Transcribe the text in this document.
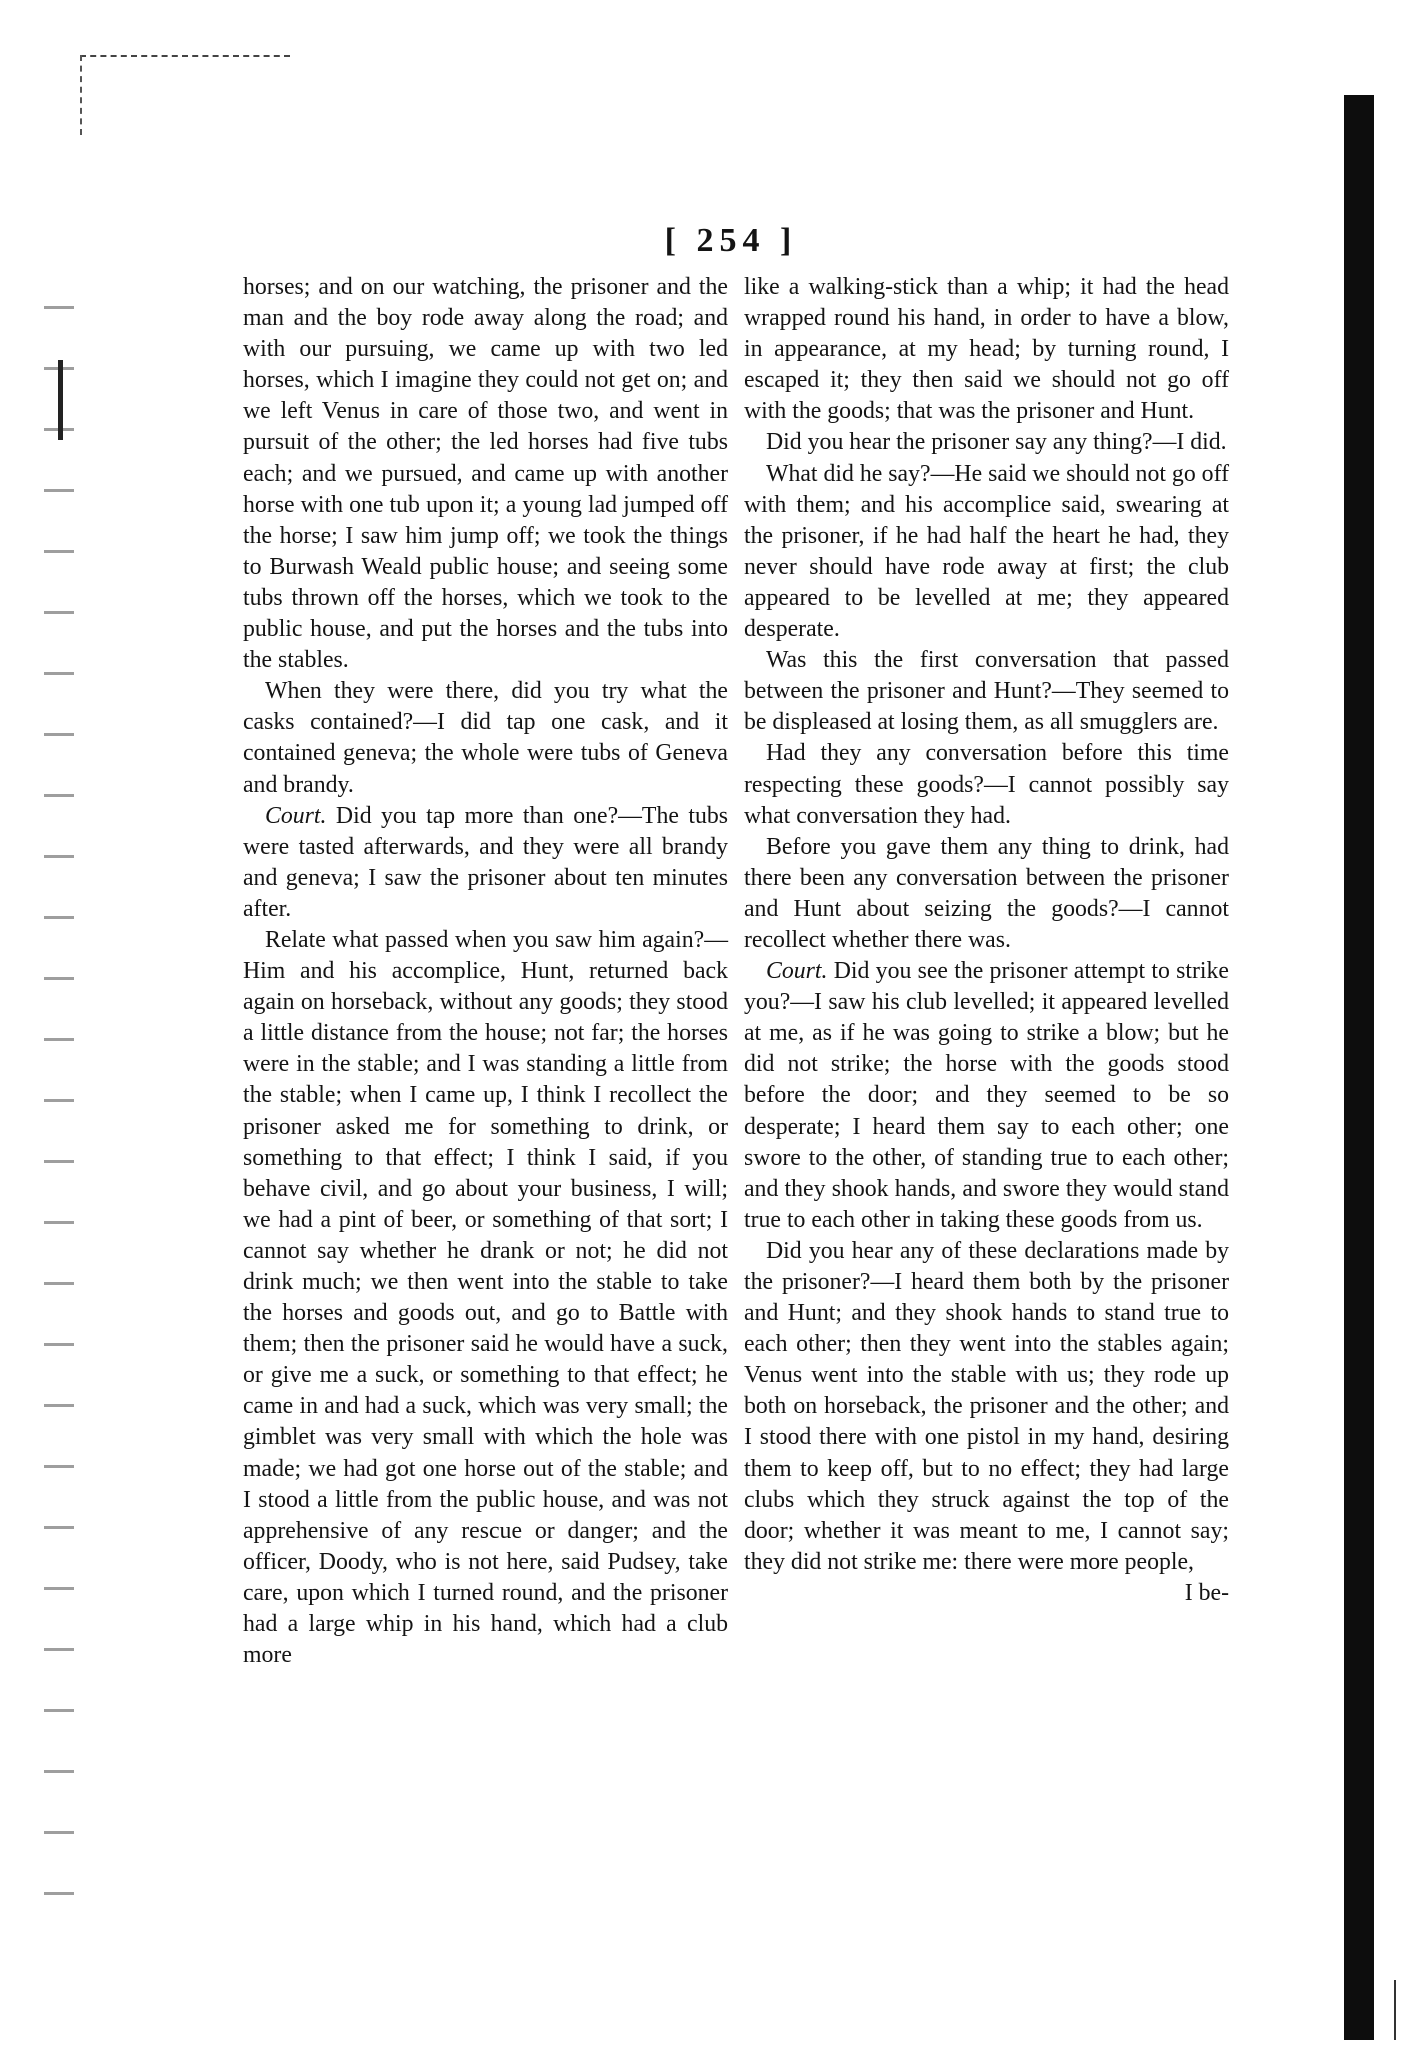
[ 254 ]

horses; and on our watching, the prisoner and the man and the boy rode away along the road; and with our pursuing, we came up with two led horses, which I imagine they could not get on; and we left Venus in care of those two, and went in pursuit of the other; the led horses had five tubs each; and we pursued, and came up with another horse with one tub upon it; a young lad jumped off the horse; I saw him jump off; we took the things to Burwash Weald public house; and seeing some tubs thrown off the horses, which we took to the public house, and put the horses and the tubs into the stables.

When they were there, did you try what the casks contained?—I did tap one cask, and it contained geneva; the whole were tubs of Geneva and brandy.

Court. Did you tap more than one?—The tubs were tasted afterwards, and they were all brandy and geneva; I saw the prisoner about ten minutes after.

Relate what passed when you saw him again?—Him and his accomplice, Hunt, returned back again on horseback, without any goods; they stood a little distance from the house; not far; the horses were in the stable; and I was standing a little from the stable; when I came up, I think I recollect the prisoner asked me for something to drink, or something to that effect; I think I said, if you behave civil, and go about your business, I will; we had a pint of beer, or something of that sort; I cannot say whether he drank or not; he did not drink much; we then went into the stable to take the horses and goods out, and go to Battle with them; then the prisoner said he would have a suck, or give me a suck, or something to that effect; he came in and had a suck, which was very small; the gimblet was very small with which the hole was made; we had got one horse out of the stable; and I stood a little from the public house, and was not apprehensive of any rescue or danger; and the officer, Doody, who is not here, said Pudsey, take care, upon which I turned round, and the prisoner had a large whip in his hand, which had a club more

like a walking-stick than a whip; it had the head wrapped round his hand, in order to have a blow, in appearance, at my head; by turning round, I escaped it; they then said we should not go off with the goods; that was the prisoner and Hunt.

Did you hear the prisoner say any thing?—I did.

What did he say?—He said we should not go off with them; and his accomplice said, swearing at the prisoner, if he had half the heart he had, they never should have rode away at first; the club appeared to be levelled at me; they appeared desperate.

Was this the first conversation that passed between the prisoner and Hunt?—They seemed to be displeased at losing them, as all smugglers are.

Had they any conversation before this time respecting these goods?—I cannot possibly say what conversation they had.

Before you gave them any thing to drink, had there been any conversation between the prisoner and Hunt about seizing the goods?—I cannot recollect whether there was.

Court. Did you see the prisoner attempt to strike you?—I saw his club levelled; it appeared levelled at me, as if he was going to strike a blow; but he did not strike; the horse with the goods stood before the door; and they seemed to be so desperate; I heard them say to each other; one swore to the other, of standing true to each other; and they shook hands, and swore they would stand true to each other in taking these goods from us.

Did you hear any of these declarations made by the prisoner?—I heard them both by the prisoner and Hunt; and they shook hands to stand true to each other; then they went into the stables again; Venus went into the stable with us; they rode up both on horseback, the prisoner and the other; and I stood there with one pistol in my hand, desiring them to keep off, but to no effect; they had large clubs which they struck against the top of the door; whether it was meant to me, I cannot say; they did not strike me: there were more people,

I be-
